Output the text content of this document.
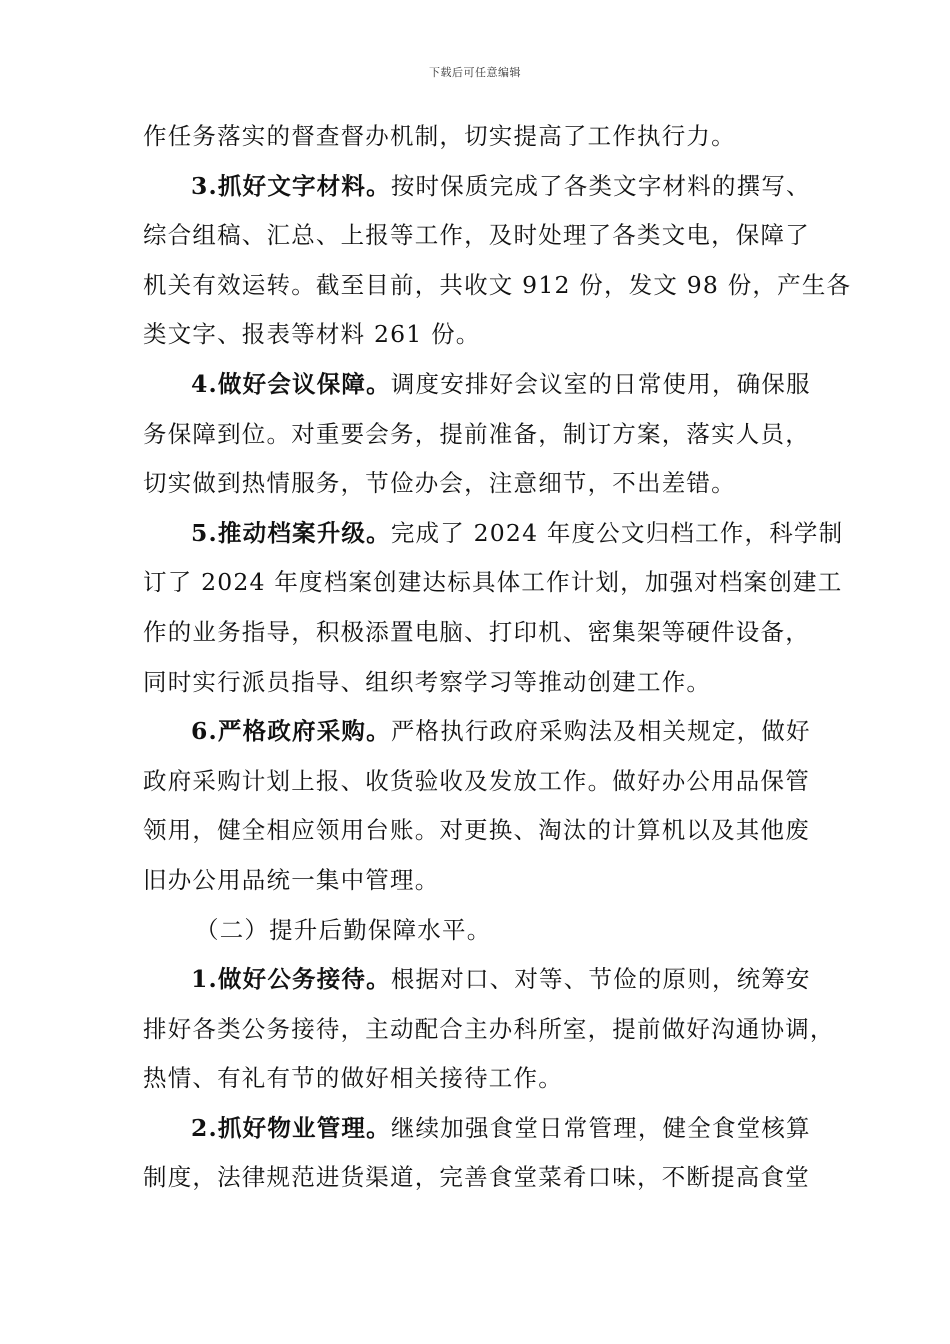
下载后可任意编辑

作任务落实的督查督办机制，切实提高了工作执行力。

3.抓好文字材料。按时保质完成了各类文字材料的撰写、
综合组稿、汇总、上报等工作，及时处理了各类文电，保障了
机关有效运转。截至目前，共收文 912 份，发文 98 份，产生各
类文字、报表等材料 261 份。

4.做好会议保障。调度安排好会议室的日常使用，确保服
务保障到位。对重要会务，提前准备，制订方案，落实人员，
切实做到热情服务，节俭办会，注意细节，不出差错。

5.推动档案升级。完成了 2024 年度公文归档工作，科学制
订了 2024 年度档案创建达标具体工作计划，加强对档案创建工
作的业务指导，积极添置电脑、打印机、密集架等硬件设备，
同时实行派员指导、组织考察学习等推动创建工作。

6.严格政府采购。严格执行政府采购法及相关规定，做好
政府采购计划上报、收货验收及发放工作。做好办公用品保管
领用，健全相应领用台账。对更换、淘汰的计算机以及其他废
旧办公用品统一集中管理。

（二）提升后勤保障水平。

1.做好公务接待。根据对口、对等、节俭的原则，统筹安
排好各类公务接待，主动配合主办科所室，提前做好沟通协调，
热情、有礼有节的做好相关接待工作。

2.抓好物业管理。继续加强食堂日常管理，健全食堂核算
制度，法律规范进货渠道，完善食堂菜肴口味，不断提高食堂
